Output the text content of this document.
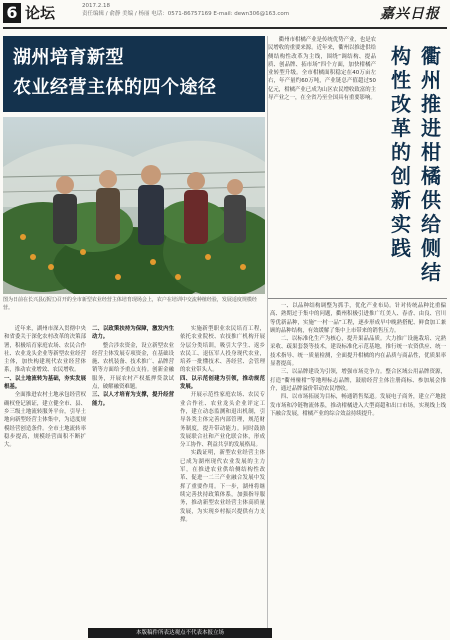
6 论坛	2017.2.18
责任编辑 / 俞静 美编 / 杨丽 电话：0571-86757169 E-mail: dewn306@163.com	嘉兴日报
湖州培育新型
农业经营主体的四个途径
图为日前在长兴县(浙江)召开的全市新型农业经营主体培育现场会上，农户在培训中交流种植经验，发展适度规模经营。

衢州市柑橘产业是传统优势产业，也是农民增收的重要来源。近年来，衢州以推进供给侧结构性改革为主线，围绕“调结构、提品质、创品牌、拓市场”四个方面，加快柑橘产业转型升级。全市柑橘面积稳定在40万亩左右，年产量约60万吨，产业链总产值超过50亿元，柑橘产业已成为山区农民增收致富的主导产业之一，在全省乃至全国具有重要影响。

衢
州
推
进
柑
橘
供
给
侧
结
构
性
改
革
的
创
新
实
践

近年来，湖州市深入贯彻中央和省委关于深化农村改革的决策部署，积极培育家庭农场、农民合作社、农业龙头企业等新型农业经营主体，加快构建现代农业经营体系，推动农业增效、农民增收。

一、以土地流转为基础，夯实发展根基。

全面推进农村土地承包经营权确权登记颁证，建立健全市、县、乡三级土地流转服务平台，引导土地向新型经营主体集中，为适度规模经营创造条件。全市土地流转率稳步提高，规模经营面积不断扩大。

二、以政策扶持为保障，激发内生动力。

整合涉农资金，设立新型农业经营主体发展专项资金，在基础设施、农机装备、技术推广、品牌营销等方面给予重点支持。创新金融服务，开展农村产权抵押贷款试点，破解融资难题。

三、以人才培育为支撑，提升经营能力。

实施新型职业农民培育工程，依托农业院校、农技推广机构开展分层分类培训，吸引大学生、返乡农民工、退伍军人投身现代农业，培养一批懂技术、善经营、会管理的农业带头人。

四、以示范创建为引领，推动规范发展。

开展示范性家庭农场、农民专业合作社、农业龙头企业评定工作，建立动态监测和退出机制，引导各类主体完善内部管理，规范财务制度，提升带动能力。同时鼓励发展联合社和产业化联合体，形成分工协作、利益共享的发展格局。

实践证明，新型农业经营主体已成为湖州现代农业发展的主力军，在推进农业供给侧结构性改革、促进一二三产业融合发展中发挥了重要作用。下一步，湖州将继续完善扶持政策体系，加强指导服务，推动新型农业经营主体高质量发展，为实现乡村振兴提供有力支撑。

一、以品种结构调整为抓手，优化产业布局。针对传统品种比重偏高、熟期过于集中的问题，衢州积极引进推广红美人、春香、由良、宫川等优新品种，实施“一村一品”工程，逐步形成早中晚熟搭配、鲜食加工兼顾的品种结构，有效缓解了集中上市带来的销售压力。

二、以标准化生产为核心，提升果品品质。大力推广设施栽培、完熟采收、疏果套袋等技术，建设标准化示范基地，推行统一农资供应、统一技术指导、统一质量检测，全面提升柑橘的内在品质与商品性，优质果率显著提高。

三、以品牌建设为引领，增强市场竞争力。整合区域公用品牌资源，打造“衢州椪柑”等地理标志品牌，鼓励经营主体注册商标、参加展会推介，通过品牌溢价带动农民增收。

四、以市场拓展为目标，畅通销售渠道。发展电子商务，建立产地批发市场和冷链物流体系，推动柑橘进入大型商超和出口市场，实现线上线下融合发展，柑橘产业的综合效益持续提升。

本版稿件所表达观点不代表本报立场
